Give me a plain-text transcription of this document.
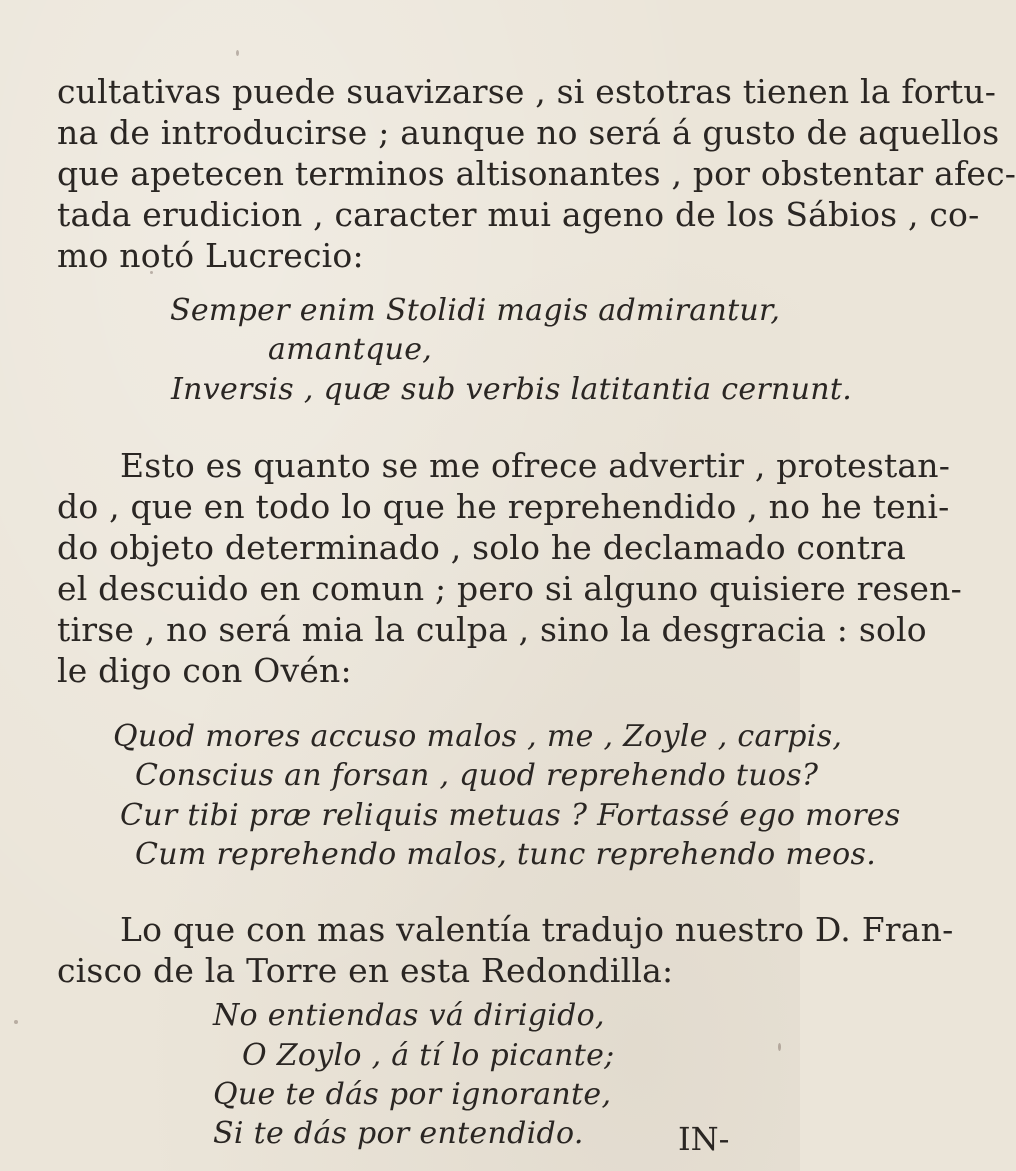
cultativas puede suavizarse , si estotras tienen la fortu-
na de introducirse ; aunque no será á gusto de aquellos
que apetecen terminos altisonantes , por obstentar afec-
tada erudicion , caracter mui ageno de los Sábios , co-
mo notó Lucrecio:
Semper enim Stolidi magis admirantur,
amantque,
Inversis , quæ sub verbis latitantia cernunt.
Esto es quanto se me ofrece advertir , protestan-
do , que en todo lo que he reprehendido , no he teni-
do objeto determinado , solo he declamado contra
el descuido en comun ; pero si alguno quisiere resen-
tirse , no será mia la culpa , sino la desgracia : solo
le digo con Ovén:
Quod mores accuso malos , me , Zoyle , carpis,
Conscius an forsan , quod reprehendo tuos?
Cur tibi præ reliquis metuas ? Fortassé ego mores
Cum reprehendo malos, tunc reprehendo meos.
Lo que con mas valentía tradujo nuestro D. Fran-
cisco de la Torre en esta Redondilla:
No entiendas vá dirigido,
O Zoylo , á tí lo picante;
Que te dás por ignorante,
Si te dás por entendido.	IN-
